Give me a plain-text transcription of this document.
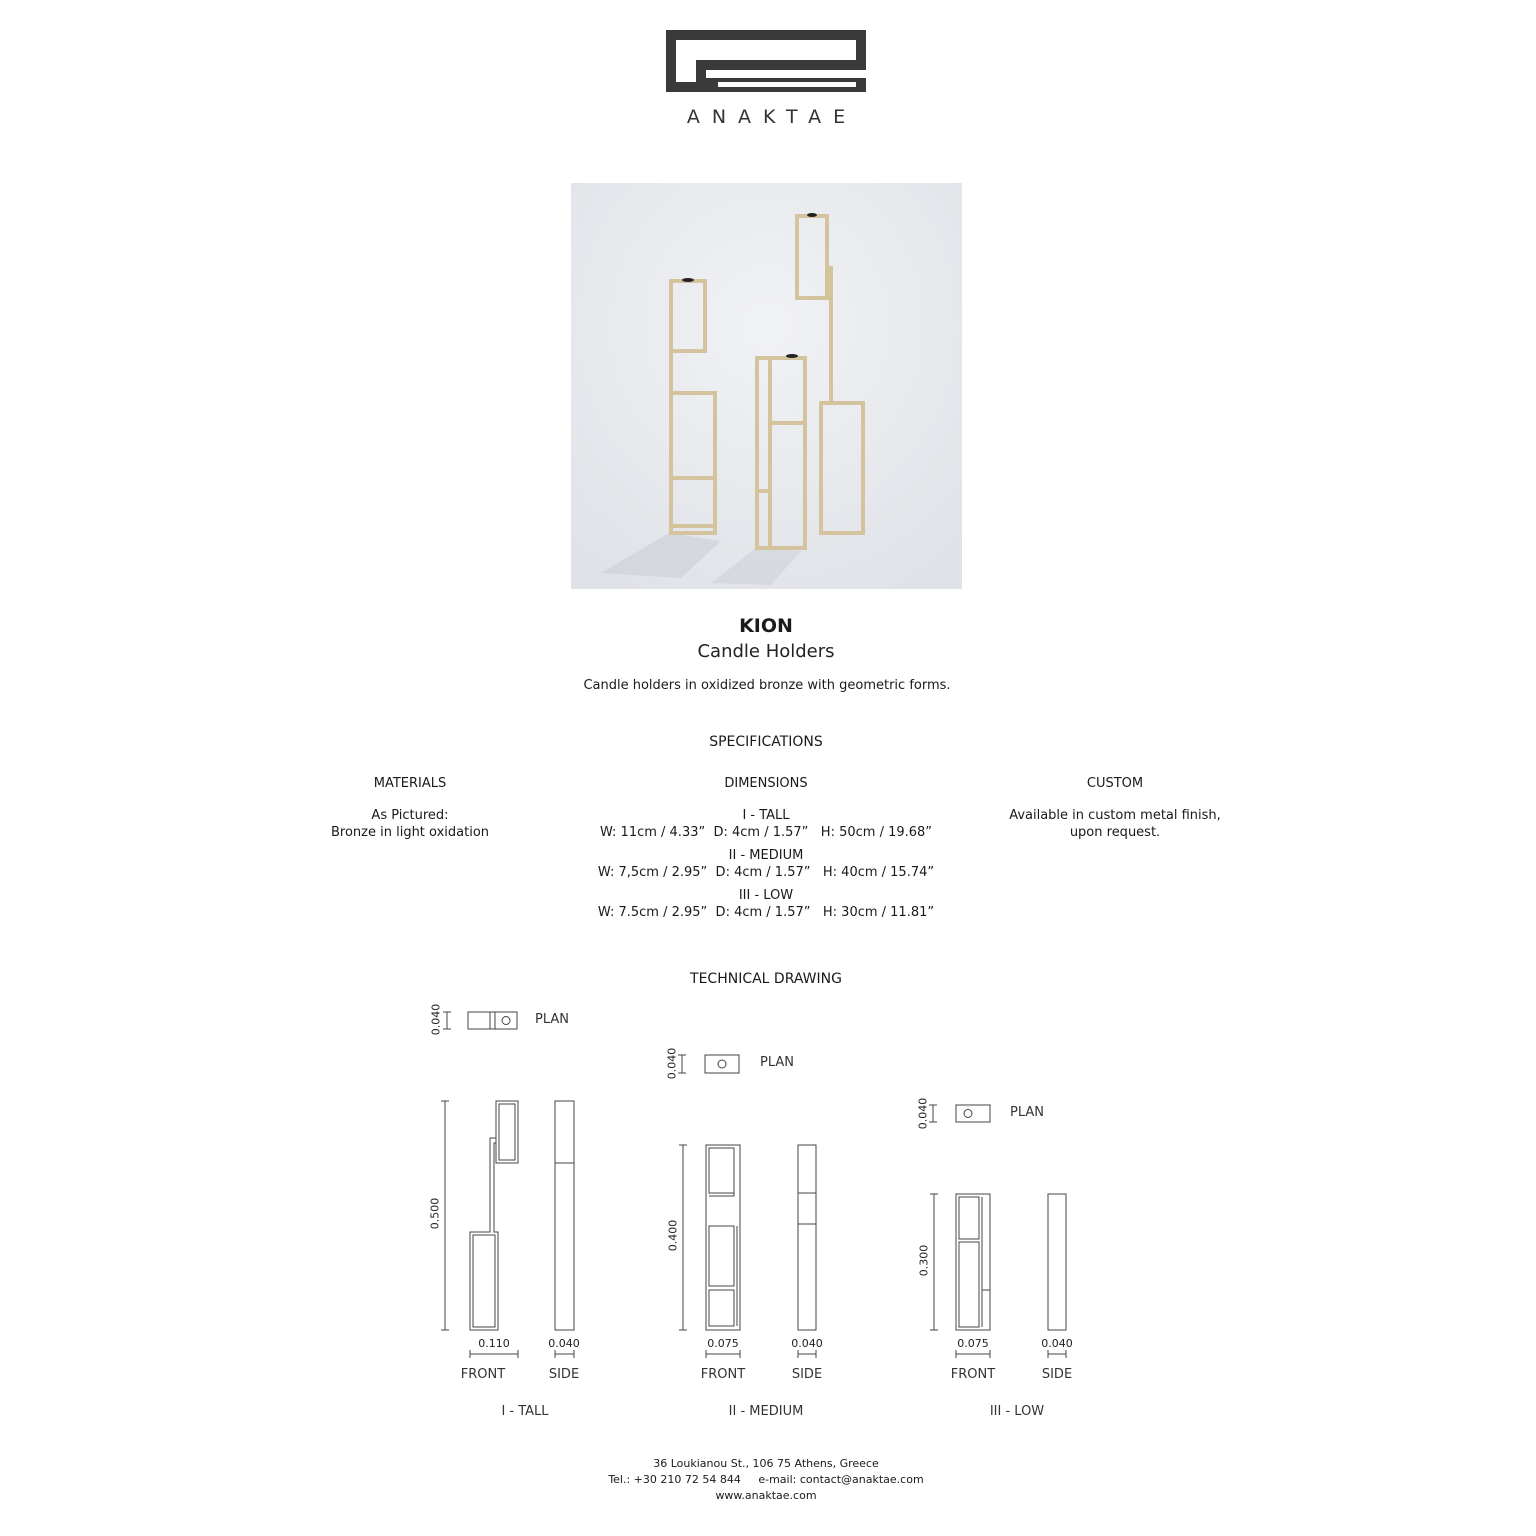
ANAKTAE
KION
Candle Holders
Candle holders in oxidized bronze with geometric forms.
SPECIFICATIONS
MATERIALS
As Pictured:
Bronze in light oxidation
DIMENSIONS
I - TALL
W: 11cm / 4.33”  D: 4cm / 1.57”   H: 50cm / 19.68”
II - MEDIUM
W: 7,5cm / 2.95”  D: 4cm / 1.57”   H: 40cm / 15.74”
III - LOW
W: 7.5cm / 2.95”  D: 4cm / 1.57”   H: 30cm / 11.81”
CUSTOM
Available in custom metal finish,
upon request.
TECHNICAL DRAWING
0.040	PLAN
0.500
0.110	0.040
FRONT	SIDE
I - TALL
0.040	PLAN
0.400
0.075	0.040
FRONT	SIDE
II - MEDIUM
0.040	PLAN
0.300
0.075	0.040
FRONT	SIDE
III - LOW
36 Loukianou St., 106 75 Athens, Greece
Tel.: +30 210 72 54 844     e-mail: contact@anaktae.com
www.anaktae.com
